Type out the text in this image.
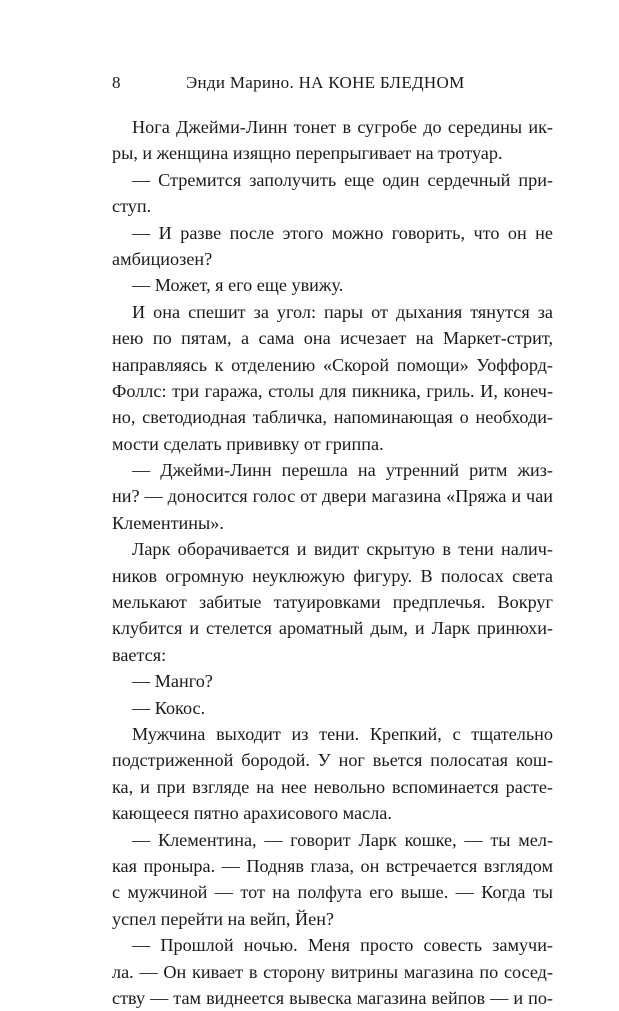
8	Энди Марино. НА КОНЕ БЛЕДНОМ
Нога Джейми-Линн тонет в сугробе до середины ик-
ры, и женщина изящно перепрыгивает на тротуар.
— Стремится заполучить еще один сердечный при-
ступ.
— И разве после этого можно говорить, что он не
амбициозен?
— Может, я его еще увижу.
И она спешит за угол: пары от дыхания тянутся за
нею по пятам, а сама она исчезает на Маркет-стрит,
направляясь к отделению «Скорой помощи» Уоффорд-
Фоллс: три гаража, столы для пикника, гриль. И, конеч-
но, светодиодная табличка, напоминающая о необходи-
мости сделать прививку от гриппа.
— Джейми-Линн перешла на утренний ритм жиз-
ни? — доносится голос от двери магазина «Пряжа и чаи
Клементины».
Ларк оборачивается и видит скрытую в тени налич-
ников огромную неуклюжую фигуру. В полосах света
мелькают забитые татуировками предплечья. Вокруг
клубится и стелется ароматный дым, и Ларк принюхи-
вается:
— Манго?
— Кокос.
Мужчина выходит из тени. Крепкий, с тщательно
подстриженной бородой. У ног вьется полосатая кош-
ка, и при взгляде на нее невольно вспоминается расте-
кающееся пятно арахисового масла.
— Клементина, — говорит Ларк кошке, — ты мел-
кая проныра. — Подняв глаза, он встречается взглядом
с мужчиной — тот на полфута его выше. — Когда ты
успел перейти на вейп, Йен?
— Прошлой ночью. Меня просто совесть замучи-
ла. — Он кивает в сторону витрины магазина по сосед-
ству — там виднеется вывеска магазина вейпов — и по-
